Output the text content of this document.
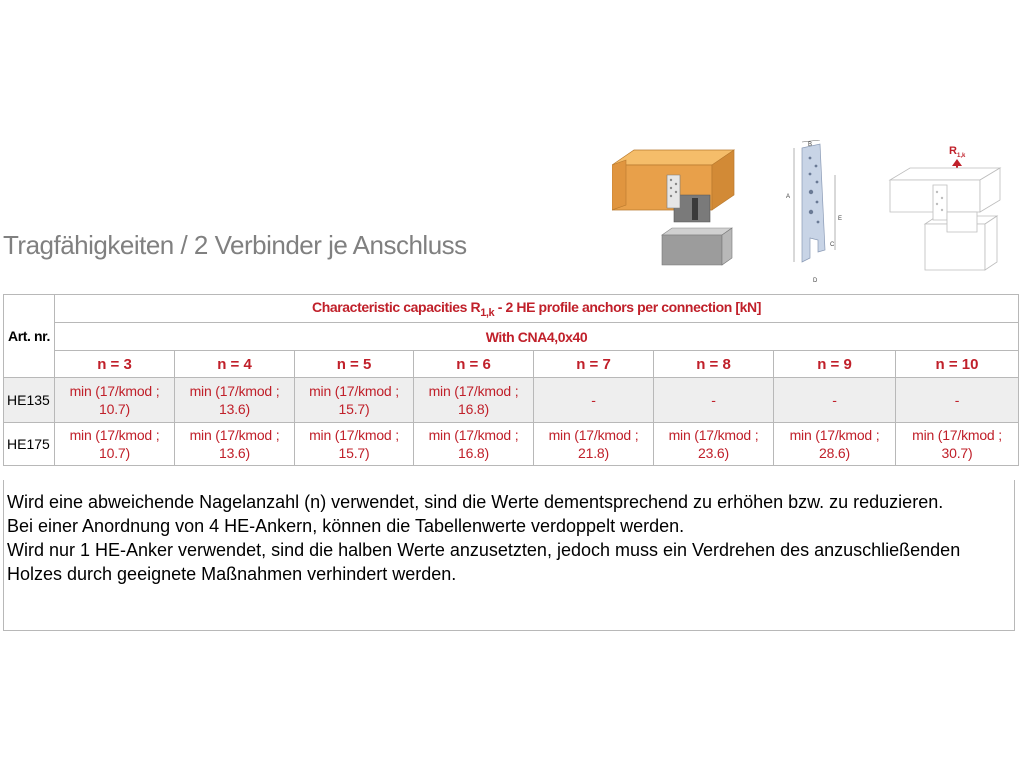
Tragfähigkeiten / 2 Verbinder je Anschluss
B
A
E
C
D
R 1,k
Art. nr.	Characteristic capacities $R_{1,k} - 2$ HE profile anchors per connection [kN]							
	With CNA4,0x40							
	n = 3	n = 4	n = 5	n = 6	n = 7	n = 8	n = 9	n = 10
HE135	min (17/kmod ;
10.7)	min (17/kmod ;
13.6)	min (17/kmod ;
15.7)	min (17/kmod ;
16.8)	-	-	-	-
HE175	min (17/kmod ;
10.7)	min (17/kmod ;
13.6)	min (17/kmod ;
15.7)	min (17/kmod ;
16.8)	min (17/kmod ;
21.8)	min (17/kmod ;
23.6)	min (17/kmod ;
28.6)	min (17/kmod ;
30.7)

Wird eine abweichende Nagelanzahl (n) verwendet, sind die Werte dementsprechend zu erhöhen bzw. zu reduzieren.

Bei einer Anordnung von 4 HE-Ankern, können die Tabellenwerte verdoppelt werden.

Wird nur 1 HE-Anker verwendet, sind die halben Werte anzusetzten, jedoch muss ein Verdrehen des anzuschließenden Holzes durch geeignete Maßnahmen verhindert werden.
